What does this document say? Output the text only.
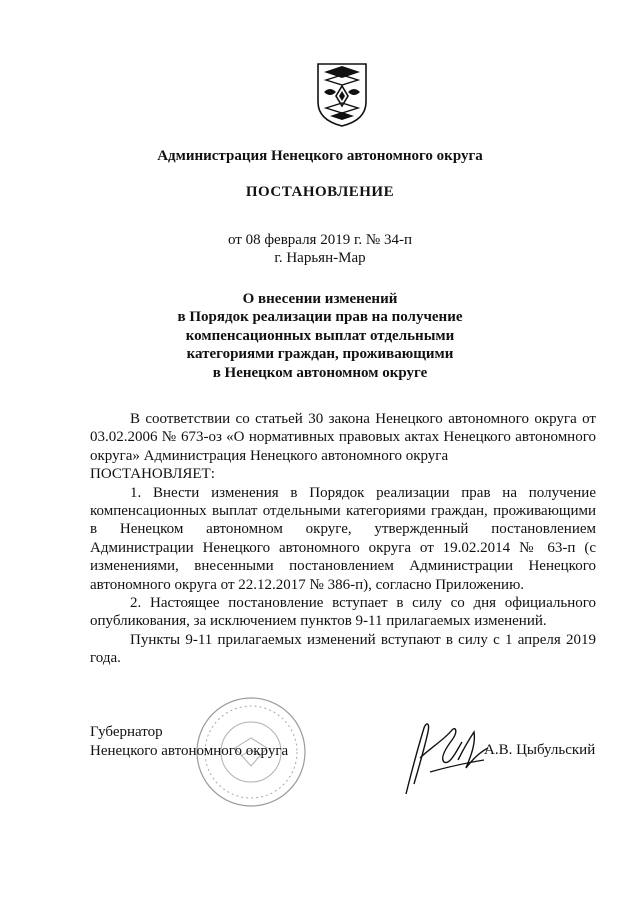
Администрация Ненецкого автономного округа
ПОСТАНОВЛЕНИЕ
от 08 февраля 2019 г. № 34-п
г. Нарьян-Мар
О внесении изменений
в Порядок реализации прав на получение
компенсационных выплат отдельными
категориями граждан, проживающими
в Ненецком автономном округе

В соответствии со статьей 30 закона Ненецкого автономного округа от 03.02.2006 № 673-оз «О нормативных правовых актах Ненецкого автономного округа» Администрация Ненецкого автономного округа

ПОСТАНОВЛЯЕТ:

1. Внести изменения в Порядок реализации прав на получение компенсационных выплат отдельными категориями граждан, проживающими в Ненецком автономном округе, утвержденный постановлением Администрации Ненецкого автономного округа от 19.02.2014 № 63-п (с изменениями, внесенными постановлением Администрации Ненецкого автономного округа от 22.12.2017 № 386-п), согласно Приложению.

2. Настоящее постановление вступает в силу со дня официального опубликования, за исключением пунктов 9-11 прилагаемых изменений.

Пункты 9-11 прилагаемых изменений вступают в силу с 1 апреля 2019 года.

Губернатор
Ненецкого автономного округа	А.В. Цыбульский
